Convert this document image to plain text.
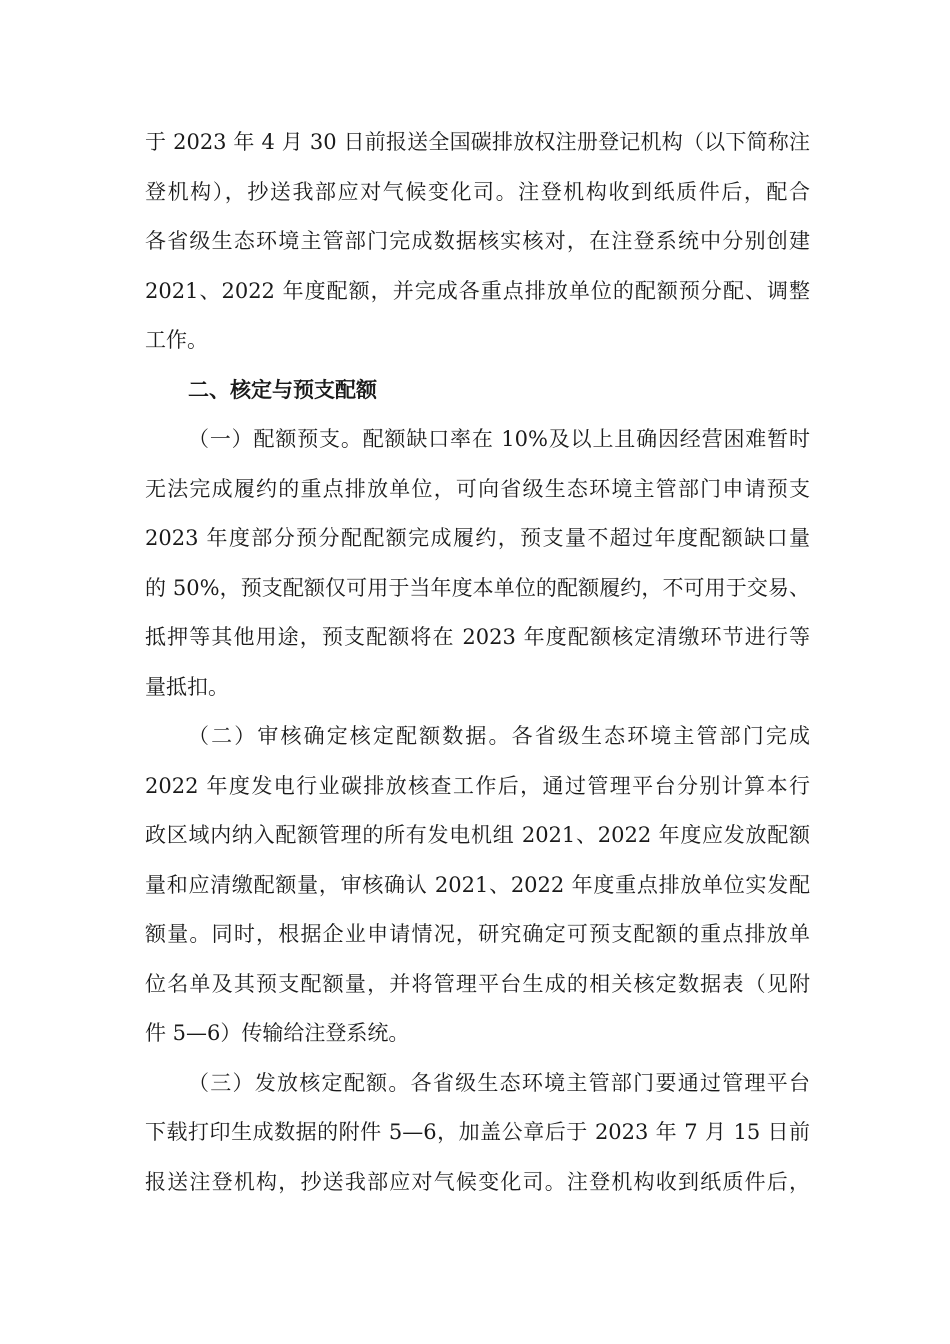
于 2023 年 4 月 30 日前报送全国碳排放权注册登记机构（以下简称注
登机构），抄送我部应对气候变化司。注登机构收到纸质件后，配合
各省级生态环境主管部门完成数据核实核对，在注登系统中分别创建
2021、2022 年度配额，并完成各重点排放单位的配额预分配、调整
工作。
二、核定与预支配额
（一）配额预支。配额缺口率在 10%及以上且确因经营困难暂时
无法完成履约的重点排放单位，可向省级生态环境主管部门申请预支
2023 年度部分预分配配额完成履约，预支量不超过年度配额缺口量
的 50%，预支配额仅可用于当年度本单位的配额履约，不可用于交易、
抵押等其他用途，预支配额将在 2023 年度配额核定清缴环节进行等
量抵扣。
（二）审核确定核定配额数据。各省级生态环境主管部门完成
2022 年度发电行业碳排放核查工作后，通过管理平台分别计算本行
政区域内纳入配额管理的所有发电机组 2021、2022 年度应发放配额
量和应清缴配额量，审核确认 2021、2022 年度重点排放单位实发配
额量。同时，根据企业申请情况，研究确定可预支配额的重点排放单
位名单及其预支配额量，并将管理平台生成的相关核定数据表（见附
件 5—6）传输给注登系统。
（三）发放核定配额。各省级生态环境主管部门要通过管理平台
下载打印生成数据的附件 5—6，加盖公章后于 2023 年 7 月 15 日前
报送注登机构，抄送我部应对气候变化司。注登机构收到纸质件后，
